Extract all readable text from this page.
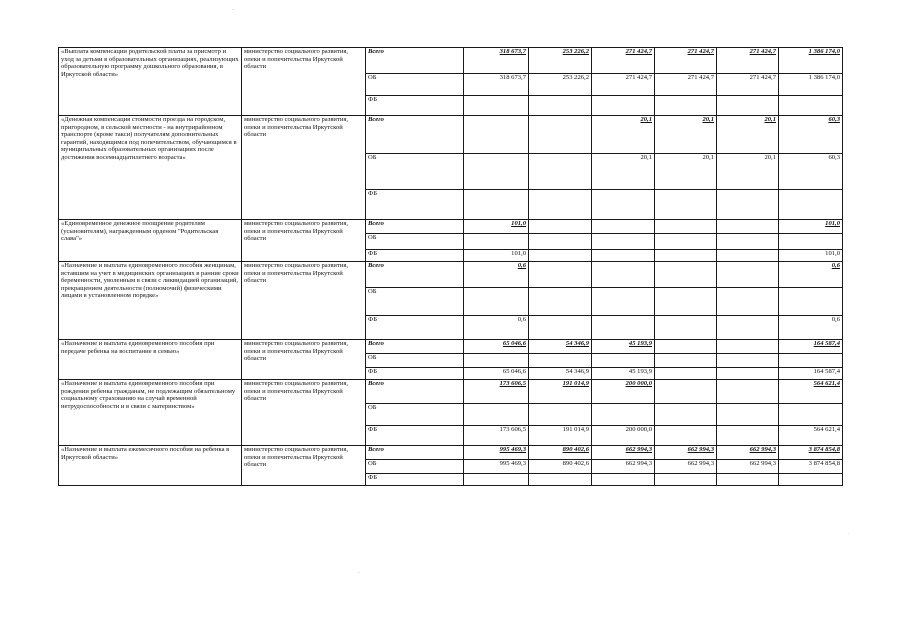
-
-
.
«Выплата компенсации родительской платы за присмотр и уход за детьми в образовательных организациях, реализующих образовательную программу дошкольного образования, в Иркутской области»	министерство социального развития, опеки и попечительства Иркутской области	Всего	318 673,7	253 226,2	271 424,7	271 424,7	271 424,7	1 386 174,0
		ОБ	318 673,7	253 226,2	271 424,7	271 424,7	271 424,7	1 386 174,0
		ФБ						
«Денежная компенсация стоимости проезда на городском, пригородном, в сельской местности - на внутрирайонном транспорте (кроме такси) получателям дополнительных гарантий, находящимся под попечительством, обучающимся в муниципальных образовательных организациях после достижения восемнадцатилетнего возраста»	министерство социального развития, опеки и попечительства Иркутской области	Всего			20,1	20,1	20,1	60,3
		ОБ			20,1	20,1	20,1	60,3
		ФБ						
«Единовременное денежное поощрение родителям (усыновителям), награжденным орденом "Родительская слава"»	министерство социального развития, опеки и попечительства Иркутской области	Всего	101,0					101,0
		ОБ						
		ФБ	101,0					101,0
«Назначение и выплата единовременного пособия женщинам, вставшим на учет в медицинских организациях в ранние сроки беременности, уволенным в связи с ликвидацией организаций, прекращением деятельности (полномочий) физическими лицами в установленном порядке»	министерство социального развития, опеки и попечительства Иркутской области	Всего	0,6					0,6
		ОБ						
		ФБ	0,6					0,6
«Назначение и выплата единовременного пособия при передаче ребенка на воспитание в семью»	министерство социального развития, опеки и попечительства Иркутской области	Всего	65 046,6	54 346,9	45 193,9			164 587,4
		ОБ						
		ФБ	65 046,6	54 346,9	45 193,9			164 587,4
«Назначение и выплата единовременного пособия при рождении ребенка гражданам, не подлежащим обязательному социальному страхованию на случай временной нетрудоспособности и в связи с материнством»	министерство социального развития, опеки и попечительства Иркутской области	Всего	173 606,5	191 014,9	200 000,0			564 621,4
		ОБ						
		ФБ	173 606,5	191 014,9	200 000,0			564 621,4
«Назначение и выплата ежемесячного пособия на ребенка в Иркутской области»	министерство социального развития, опеки и попечительства Иркутской области	Всего	995 469,3	890 402,6	662 994,3	662 994,3	662 994,3	3 874 854,8
		ОБ	995 469,3	890 402,6	662 994,3	662 994,3	662 994,3	3 874 854,8
		ФБ						
